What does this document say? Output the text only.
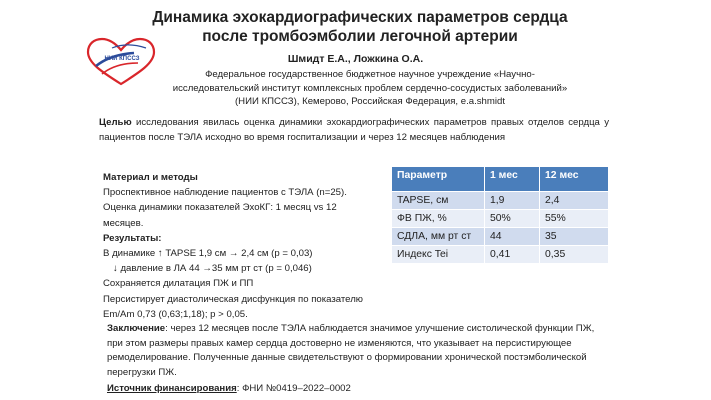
Динамика эхокардиографических параметров сердца
после тромбоэмболии легочной артерии
НИИ КПССЗ	Шмидт Е.А., Ложкина О.А.
Федеральное государственное бюджетное научное учреждение «Научно-
исследовательский институт комплексных проблем сердечно-сосудистых заболеваний»
(НИИ КПССЗ), Кемерово, Российская Федерация, e.a.shmidt
Целью исследования явилась оценка динамики эхокардиографических параметров правых отделов сердца у пациентов после ТЭЛА исходно во время госпитализации и через 12 месяцев наблюдения
Материал и методы
Проспективное наблюдение пациентов с ТЭЛА (n=25).
Оценка динамики показателей ЭхоКГ: 1 месяц vs 12 месяцев.
Результаты:
В динамике ↑ TAPSE 1,9 см → 2,4 см (p = 0,03)
↓ давление в ЛА 44 →35 мм рт ст (p = 0,046)
Сохраняется дилатация ПЖ и ПП
Персистирует диастолическая дисфункция по показателю Em/Am 0,73 (0,63;1,18); p > 0,05.
Параметр	1 мес	12 мес
TAPSE, см	1,9	2,4
ФВ ПЖ, %	50%	55%
СДЛА, мм рт ст	44	35
Индекс Tei	0,41	0,35
Заключение: через 12 месяцев после ТЭЛА наблюдается значимое улучшение систолической функции ПЖ, при этом размеры правых камер сердца достоверно не изменяются, что указывает на персистирующее ремоделирование. Полученные данные свидетельствуют о формировании хронической постэмболической перегрузки ПЖ.
Источник финансирования: ФНИ №0419–2022–0002
